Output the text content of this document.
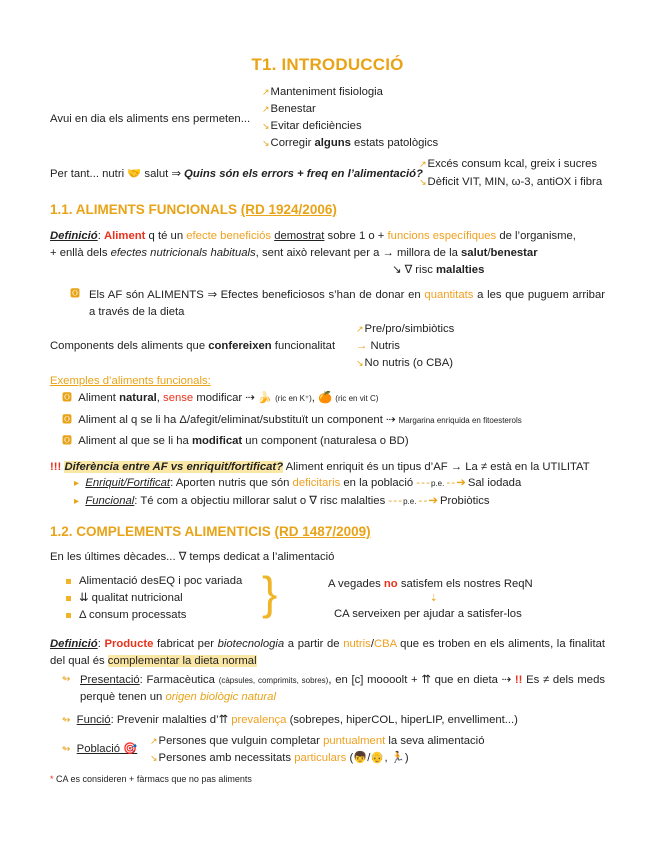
T1. INTRODUCCIÓ
Avui en dia els aliments ens permeten...
↗Manteniment fisiologia
↗Benestar
↘Evitar deficiències
↘Corregir alguns estats patològics
Per tant... nutri 🤝 salut ⇒ Quins són els errors + freq en l’alimentació?
↗Excés consum kcal, greix i sucres
↘Dèficit VIT, MIN, ω-3, antiOX i fibra
1.1. ALIMENTS FUNCIONALS (RD 1924/2006)
Definició: Aliment q té un efecte beneficiós demostrat sobre 1 o + funcions específiques de l’organisme,
+ enllà dels efectes nutricionals habituals, sent això relevant per a → millora de la salut/benestar
↘ ∇ risc malalties
🅾 Els AF són ALIMENTS ⇒ Efectes beneficiosos s’han de donar en quantitats a les que puguem arribar a través de la dieta
Components dels aliments que confereixen funcionalitat
↗Pre/pro/simbiòtics
→ Nutris
↘No nutris (o CBA)
Exemples d’aliments funcionals:
🅾 Aliment natural, sense modificar ⇢ 🍌 (ric en K⁺), 🍊 (ric en vit C)
🅾 Aliment al q se li ha Δ/afegit/eliminat/substituït un component ⇢ Margarina enriquida en fitoesterols
🅾 Aliment al que se li ha modificat un component (naturalesa o BD)
!!! Diferència entre AF vs enriquit/fortificat? Aliment enriquit és un tipus d’AF → La ≠ està en la UTILITAT
▸ Enriquit/Fortificat: Aporten nutris que són deficitaris en la població - - - p.e. - - ➔ Sal iodada
▸ Funcional: Té com a objectiu millorar salut o ∇ risc malalties - - - p.e. - - ➔ Probiòtics
1.2. COMPLEMENTS ALIMENTICIS (RD 1487/2009)
En les últimes dècades... ∇ temps dedicat a l’alimentació
Alimentació desEQ i poc variada
⇊ qualitat nutricional
Δ consum processats }	A vegades no satisfem els nostres ReqN
⇣
CA serveixen per ajudar a satisfer-los
Definició: Producte fabricat per biotecnologia a partir de nutris/CBA que es troben en els aliments, la finalitat del qual és complementar la dieta normal
↬ Presentació: Farmacèutica (càpsules, comprimits, sobres), en [c] moooolt + ⇈ que en dieta ⇢ !! Es ≠ dels meds perquè tenen un origen biològic natural
↬ Funció: Prevenir malalties d’⇈ prevalença (sobrepes, hiperCOL, hiperLIP, envelliment...)
↬ Població 🎯
↗Persones que vulguin completar puntualment la seva alimentació
↘Persones amb necessitats particulars (👦/👴, 🏃)
* CA es consideren + fàrmacs que no pas aliments
